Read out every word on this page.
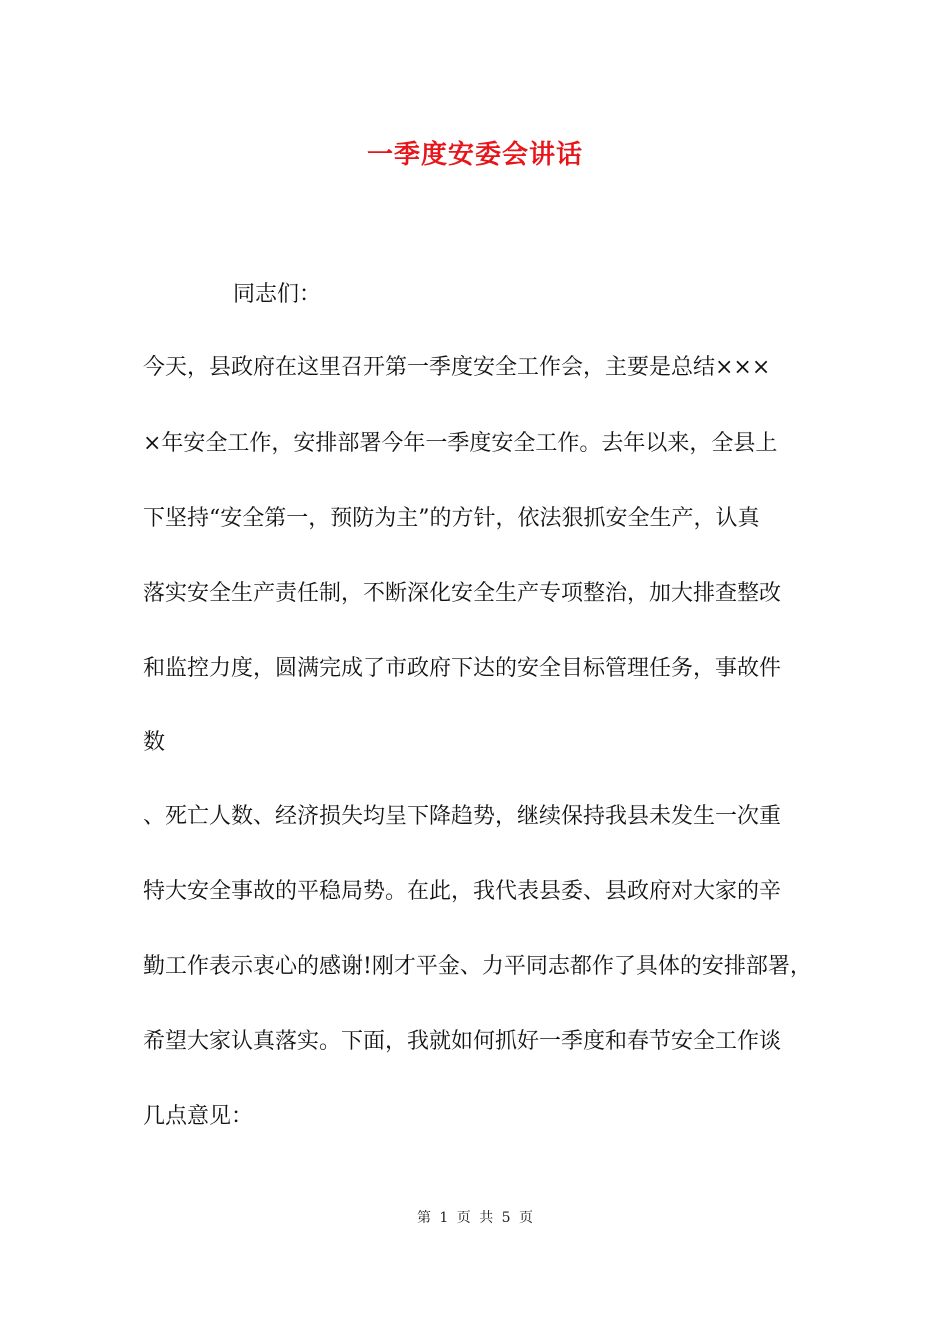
一季度安委会讲话
同志们：
今天，县政府在这里召开第一季度安全工作会，主要是总结×××
×年安全工作，安排部署今年一季度安全工作。去年以来，全县上
下坚持“安全第一，预防为主”的方针，依法狠抓安全生产，认真
落实安全生产责任制，不断深化安全生产专项整治，加大排查整改
和监控力度，圆满完成了市政府下达的安全目标管理任务，事故件
数
、死亡人数、经济损失均呈下降趋势，继续保持我县未发生一次重
特大安全事故的平稳局势。在此，我代表县委、县政府对大家的辛
勤工作表示衷心的感谢!刚才平金、力平同志都作了具体的安排部署，
希望大家认真落实。下面，我就如何抓好一季度和春节安全工作谈
几点意见：
第 1 页 共 5 页
